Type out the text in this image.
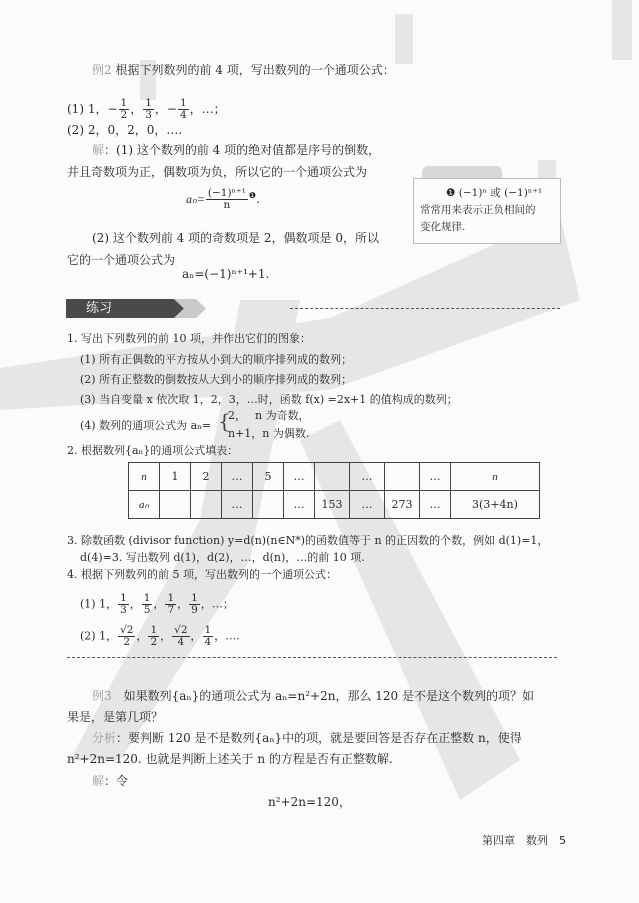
例2 根据下列数列的前 4 项，写出数列的一个通项公式：
(1) 1，− $\frac{1}{2}$ ， $\frac{1}{3}$ ，− $\frac{1}{4}$ ，…；
(2) 2，0，2，0，….
解：(1) 这个数列的前 4 项的绝对值都是序号的倒数，
并且奇数项为正，偶数项为负，所以它的一个通项公式为
$a_n= \frac{\text{(−1)ⁿ⁺¹}}{n} ^❶$.
(2) 这个数列前 4 项的奇数项是 2，偶数项是 0，所以
它的一个通项公式为
aₙ=(−1)ⁿ⁺¹+1.
❶ (−1)ⁿ 或 (−1)ⁿ⁺¹
常常用来表示正负相间的
变化规律.
练习
1. 写出下列数列的前 10 项，并作出它们的图象：
(1) 所有正偶数的平方按从小到大的顺序排列成的数列；
(2) 所有正整数的倒数按从大到小的顺序排列成的数列；
(3) 当自变量 x 依次取 1，2，3，…时，函数 f(x) =2x+1 的值构成的数列；
(4) 数列的通项公式为 aₙ= {
2，　 n 为奇数，
n+1，n 为偶数.
2. 根据数列{aₙ}的通项公式填表：
n	1	2	…	5	…		…		…	n
aₙ			…		…	153	…	273	…	3(3+4n)
3. 除数函数 (divisor function) y=d(n)(n∈N*)的函数值等于 n 的正因数的个数，例如 d(1)=1，
d(4)=3. 写出数列 d(1)，d(2)，…，d(n)，…的前 10 项.
4. 根据下列数列的前 5 项，写出数列的一个通项公式：
(1) 1， $\frac{1}{3}$ ， $\frac{1}{5}$ ， $\frac{1}{7}$ ， $\frac{1}{9}$ ，…；
(2) 1， $\frac{√2}{2}$ ， $\frac{1}{2}$ ， $\frac{√2}{4}$ ， $\frac{1}{4}$ ，….
例3　 如果数列{aₙ}的通项公式为 aₙ=n²+2n，那么 120 是不是这个数列的项？如
果是，是第几项？
分析：要判断 120 是不是数列{aₙ}中的项，就是要回答是否存在正整数 n，使得
n²+2n=120. 也就是判断上述关于 n 的方程是否有正整数解.
解：令
n²+2n=120，
第四章　数列　 5
